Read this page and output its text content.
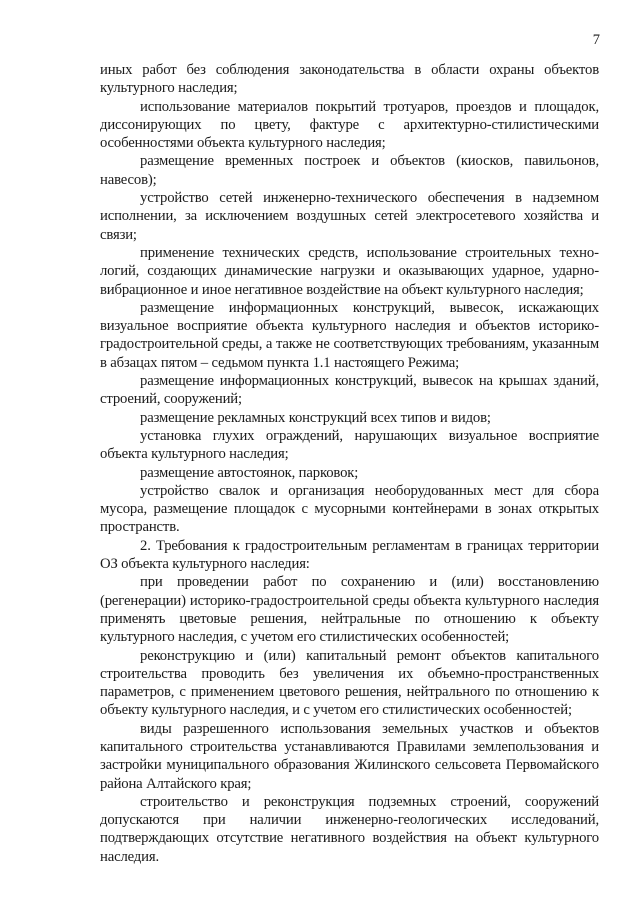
7

иных работ без соблюдения законодательства в области охраны объектов культурного наследия;

использование материалов покрытий тротуаров, проездов и площадок, диссонирующих по цвету, фактуре с архитектурно-стилистическими особенностями объекта культурного наследия;

размещение временных построек и объектов (киосков, павильонов, навесов);

устройство сетей инженерно-технического обеспечения в надземном исполнении, за исключением воздушных сетей электросетевого хозяйства и связи;

применение технических средств, использование строительных технологий, создающих динамические нагрузки и оказывающих ударное, ударно-вибрационное и иное негативное воздействие на объект культурного наследия;

размещение информационных конструкций, вывесок, искажающих визуальное восприятие объекта культурного наследия и объектов историко-градостроительной среды, а также не соответствующих требованиям, указанным в абзацах пятом – седьмом пункта 1.1 настоящего Режима;

размещение информационных конструкций, вывесок на крышах зданий, строений, сооружений;

размещение рекламных конструкций всех типов и видов;

установка глухих ограждений, нарушающих визуальное восприятие объекта культурного наследия;

размещение автостоянок, парковок;

устройство свалок и организация необорудованных мест для сбора мусора, размещение площадок с мусорными контейнерами в зонах открытых пространств.

2. Требования к градостроительным регламентам в границах территории ОЗ объекта культурного наследия:

при проведении работ по сохранению и (или) восстановлению (регенерации) историко-градостроительной среды объекта культурного наследия применять цветовые решения, нейтральные по отношению к объекту культурного наследия, с учетом его стилистических особенностей;

реконструкцию и (или) капитальный ремонт объектов капитального строительства проводить без увеличения их объемно-пространственных параметров, с применением цветового решения, нейтрального по отношению к объекту культурного наследия, и с учетом его стилистических особенностей;

виды разрешенного использования земельных участков и объектов капитального строительства устанавливаются Правилами землепользования и застройки муниципального образования Жилинского сельсовета Первомайского района Алтайского края;

строительство и реконструкция подземных строений, сооружений допускаются при наличии инженерно-геологических исследований, подтверждающих отсутствие негативного воздействия на объект культурного наследия.
